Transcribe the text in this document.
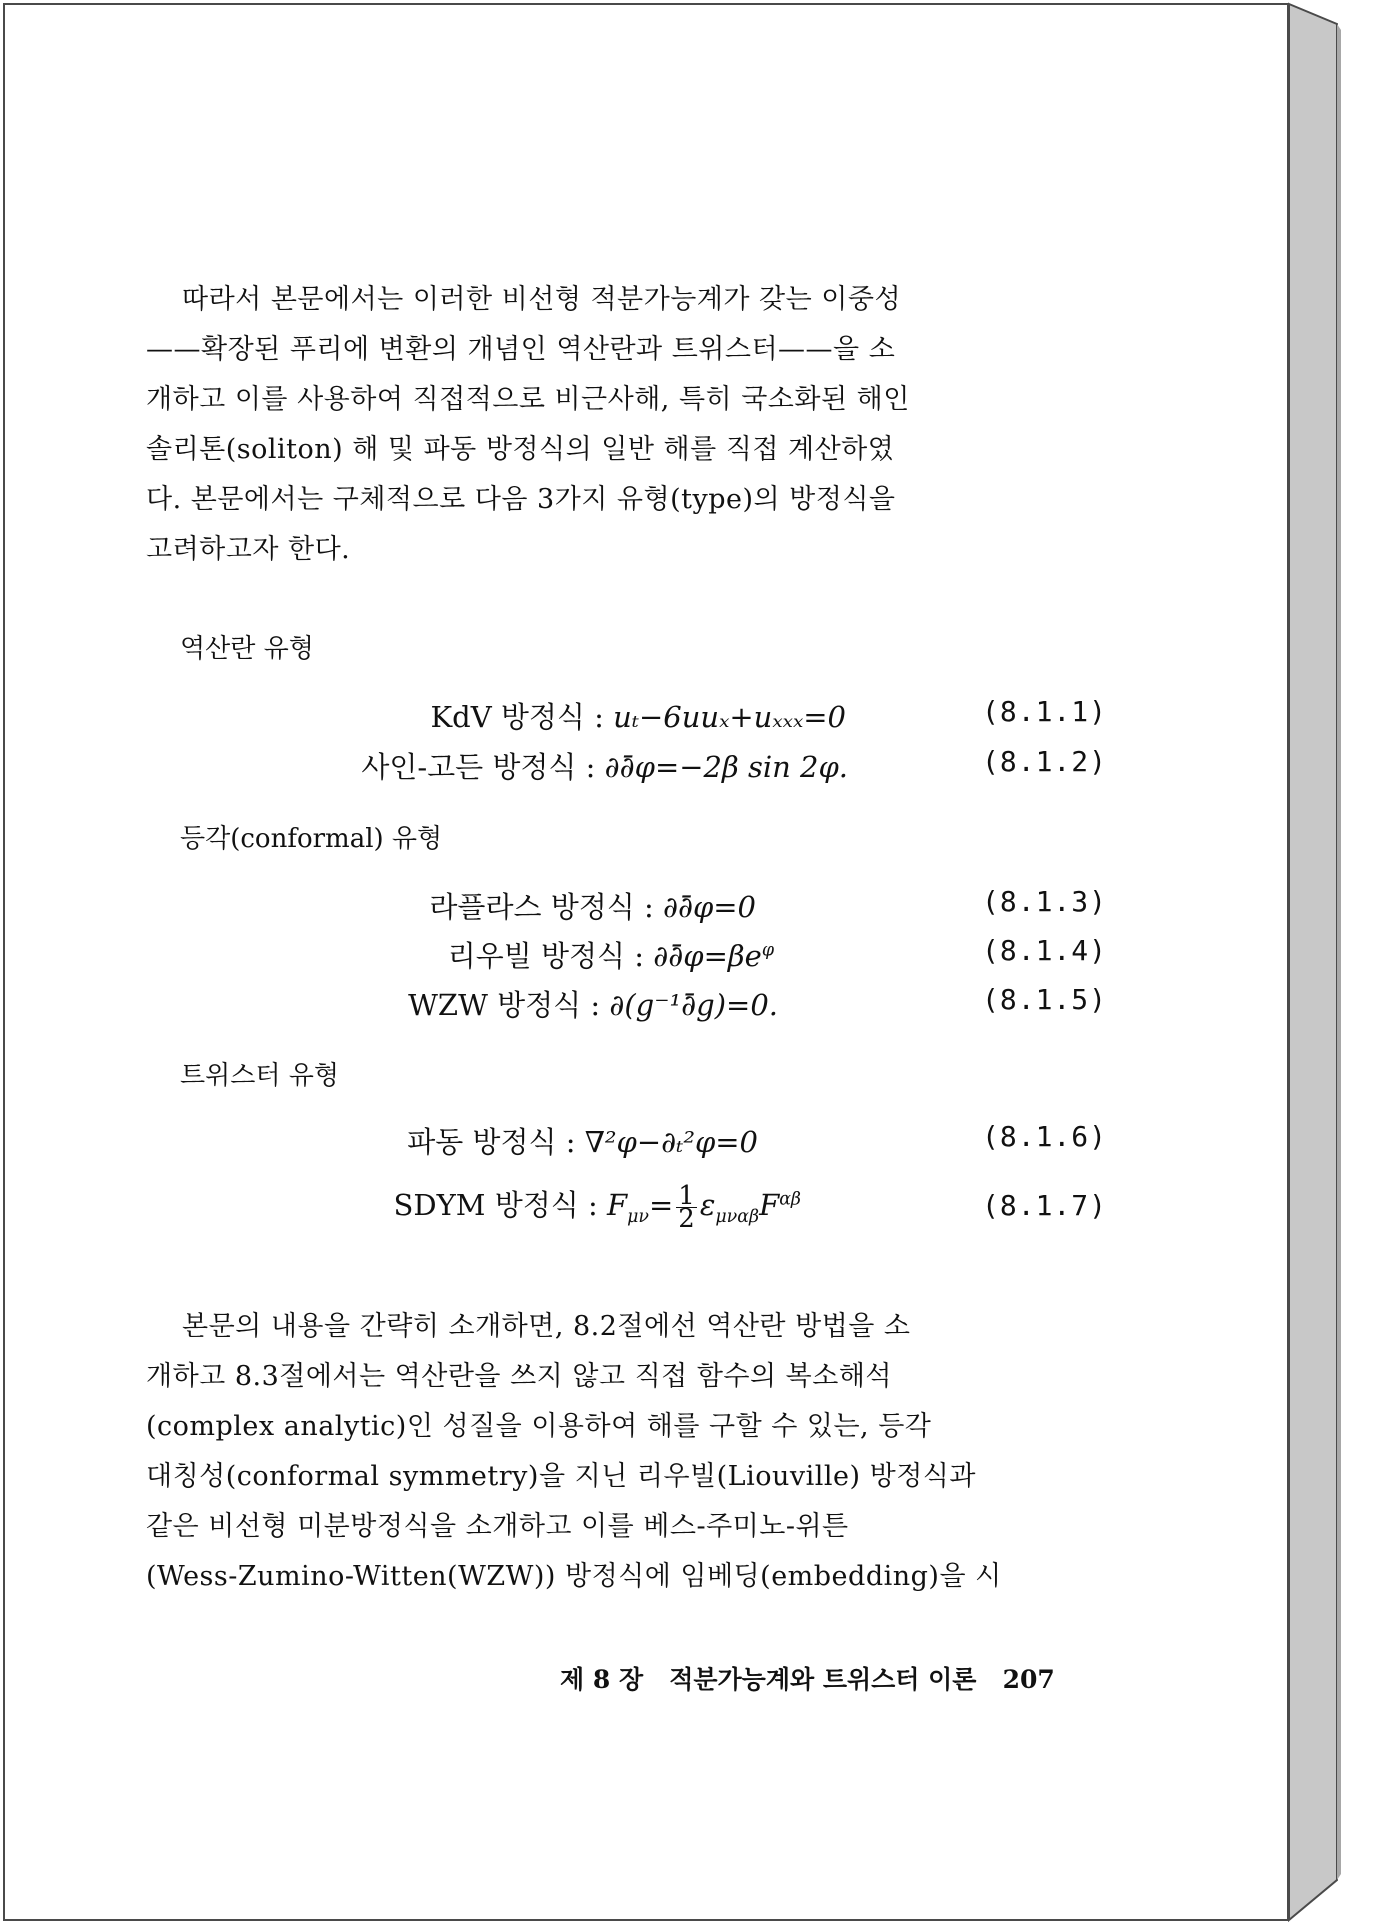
따라서 본문에서는 이러한 비선형 적분가능계가 갖는 이중성
——확장된 푸리에 변환의 개념인 역산란과 트위스터——을 소
개하고 이를 사용하여 직접적으로 비근사해, 특히 국소화된 해인
솔리톤(soliton) 해 및 파동 방정식의 일반 해를 직접 계산하였
다. 본문에서는 구체적으로 다음 3가지 유형(type)의 방정식을
고려하고자 한다.
역산란 유형
KdV 방정식 : uₜ−6uuₓ+uₓₓₓ=0	(8.1.1)
사인-고든 방정식 : ∂∂̄φ=−2β sin 2φ.	(8.1.2)
등각(conformal) 유형
라플라스 방정식 : ∂∂̄φ=0	(8.1.3)
리우빌 방정식 : $\partial\partial̄\varphi=\beta e^\varphi$	(8.1.4)
WZW 방정식 : ∂(g⁻¹∂̄g)=0.	(8.1.5)
트위스터 유형
파동 방정식 : ∇²φ−∂ₜ²φ=0	(8.1.6)
SDYM 방정식 : $F_{\mu\nu}= \frac{1}{2} \varepsilon_{\mu\nu\alpha\beta}F^{\alpha\beta}$	(8.1.7)
본문의 내용을 간략히 소개하면, 8.2절에선 역산란 방법을 소
개하고 8.3절에서는 역산란을 쓰지 않고 직접 함수의 복소해석
(complex analytic)인 성질을 이용하여 해를 구할 수 있는, 등각
대칭성(conformal symmetry)을 지닌 리우빌(Liouville) 방정식과
같은 비선형 미분방정식을 소개하고 이를 베스-주미노-위튼
(Wess-Zumino-Witten(WZW)) 방정식에 임베딩(embedding)을 시
제 8 장 적분가능계와 트위스터 이론 207
